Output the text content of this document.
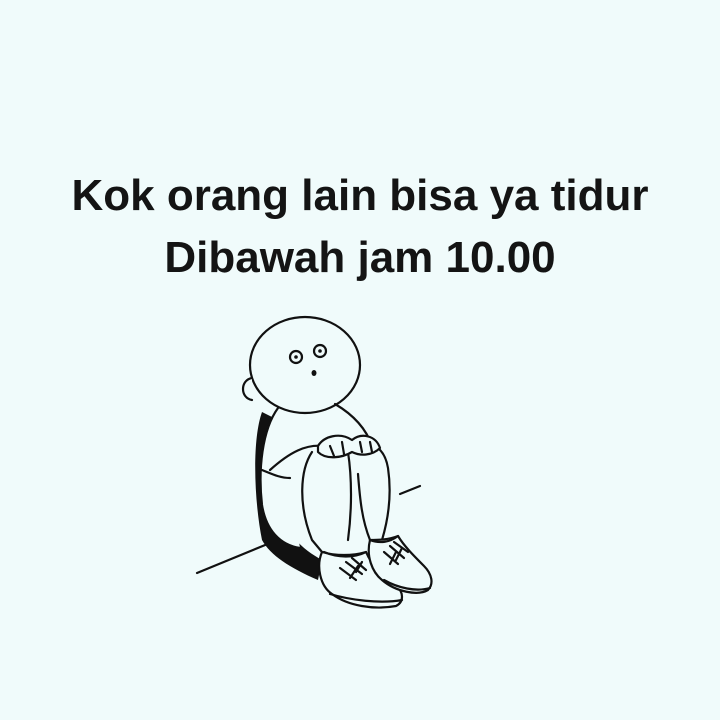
Kok orang lain bisa ya tidur
Dibawah jam 10.00
